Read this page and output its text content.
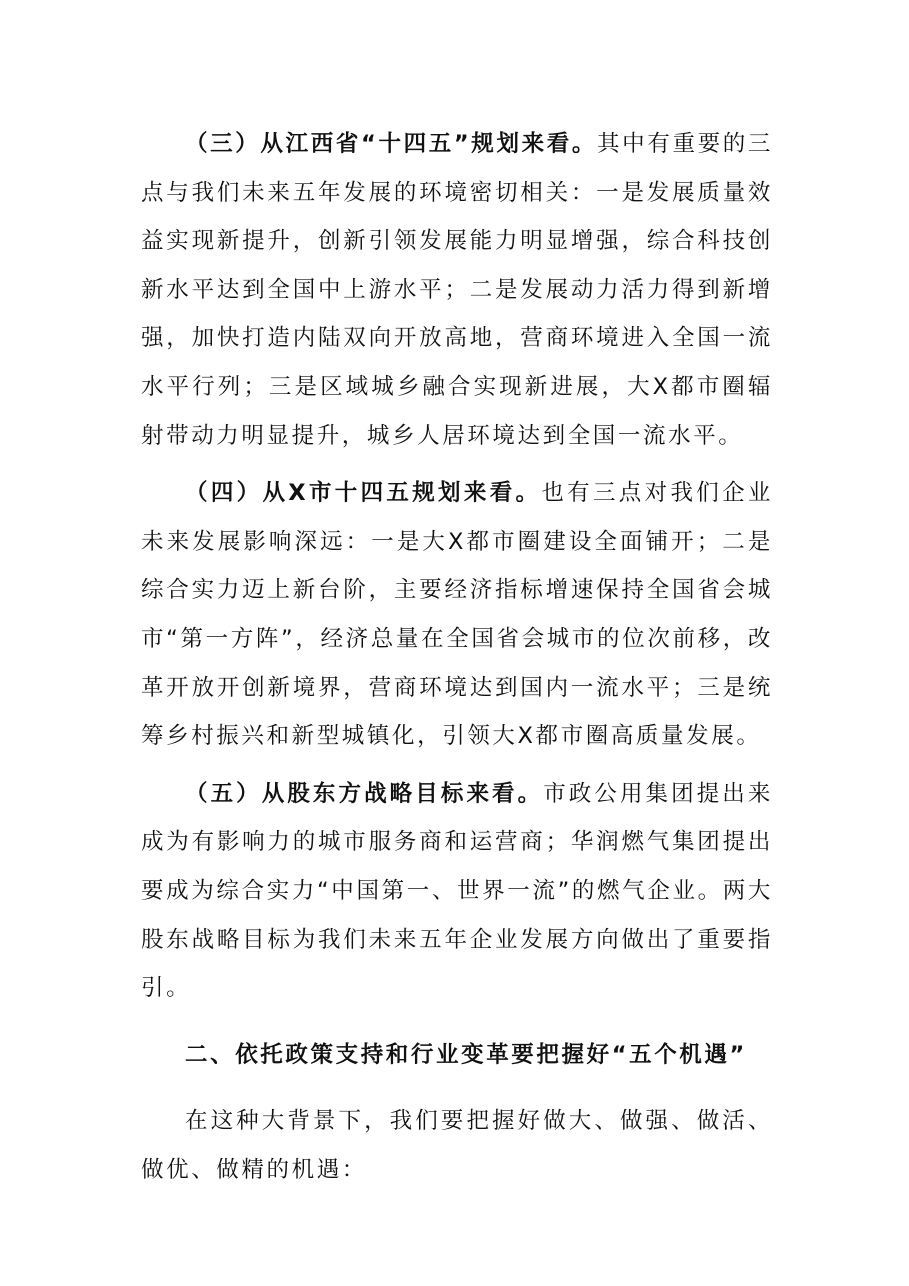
（三）从江西省“十四五”规划来看。其中有重要的三点与我们未来五年发展的环境密切相关：一是发展质量效益实现新提升，创新引领发展能力明显增强，综合科技创新水平达到全国中上游水平；二是发展动力活力得到新增强，加快打造内陆双向开放高地，营商环境进入全国一流水平行列；三是区域城乡融合实现新进展，大X都市圈辐射带动力明显提升，城乡人居环境达到全国一流水平。

（四）从X市十四五规划来看。也有三点对我们企业未来发展影响深远：一是大X都市圈建设全面铺开；二是综合实力迈上新台阶，主要经济指标增速保持全国省会城市“第一方阵”，经济总量在全国省会城市的位次前移，改革开放开创新境界，营商环境达到国内一流水平；三是统筹乡村振兴和新型城镇化，引领大X都市圈高质量发展。

（五）从股东方战略目标来看。市政公用集团提出来成为有影响力的城市服务商和运营商；华润燃气集团提出要成为综合实力“中国第一、世界一流”的燃气企业。两大股东战略目标为我们未来五年企业发展方向做出了重要指引。

二、依托政策支持和行业变革要把握好“五个机遇”

在这种大背景下，我们要把握好做大、做强、做活、做优、做精的机遇：
